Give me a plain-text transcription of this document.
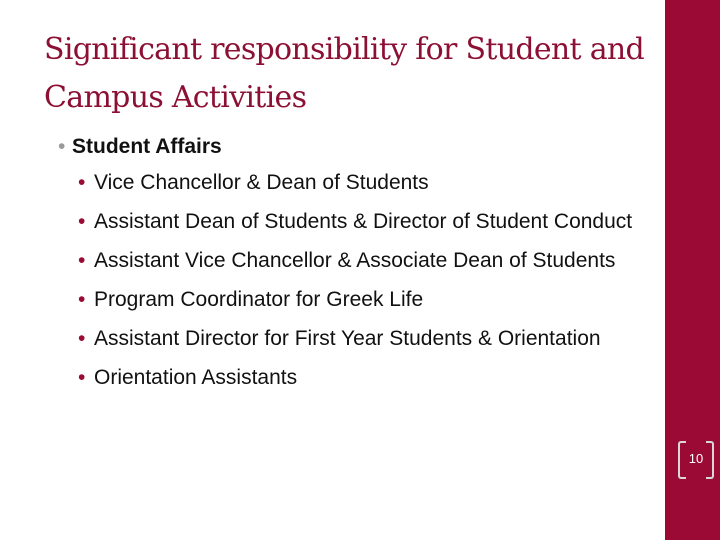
Significant responsibility for Student and Campus Activities
• Student Affairs
• Vice Chancellor & Dean of Students
• Assistant Dean of Students & Director of Student Conduct
• Assistant Vice Chancellor & Associate Dean of Students
• Program Coordinator for Greek Life
• Assistant Director for First Year Students & Orientation
• Orientation Assistants
10
